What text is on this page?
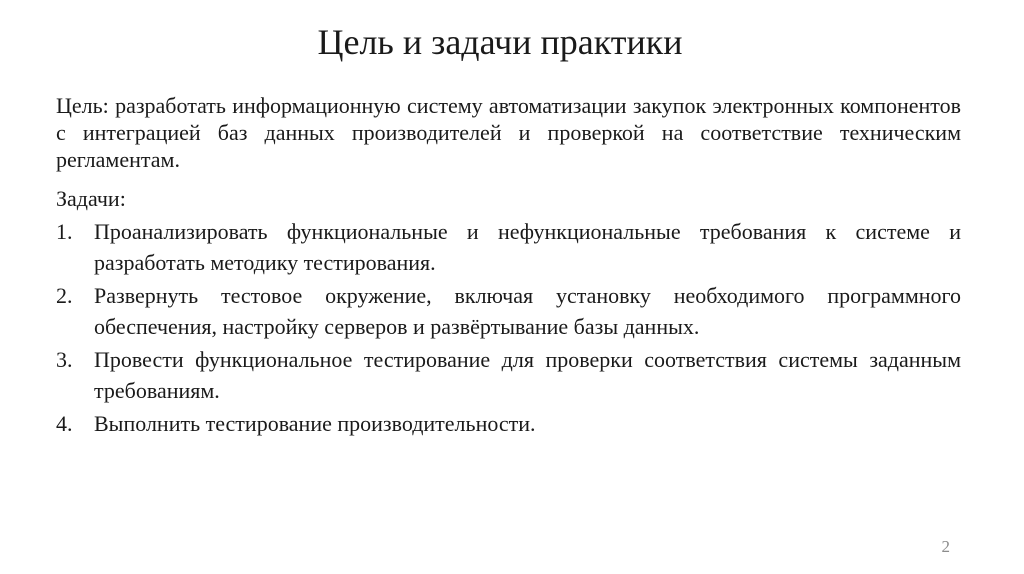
Цель и задачи практики
Цель: разработать информационную систему автоматизации закупок электронных компонентов с интеграцией баз данных производителей и проверкой на соответствие техническим регламентам.
Задачи:
1. Проанализировать функциональные и нефункциональные требования к системе и разработать методику тестирования.
2. Развернуть тестовое окружение, включая установку необходимого программного обеспечения, настройку серверов и развёртывание базы данных.
3. Провести функциональное тестирование для проверки соответствия системы заданным требованиям.
4. Выполнить тестирование производительности.
2
